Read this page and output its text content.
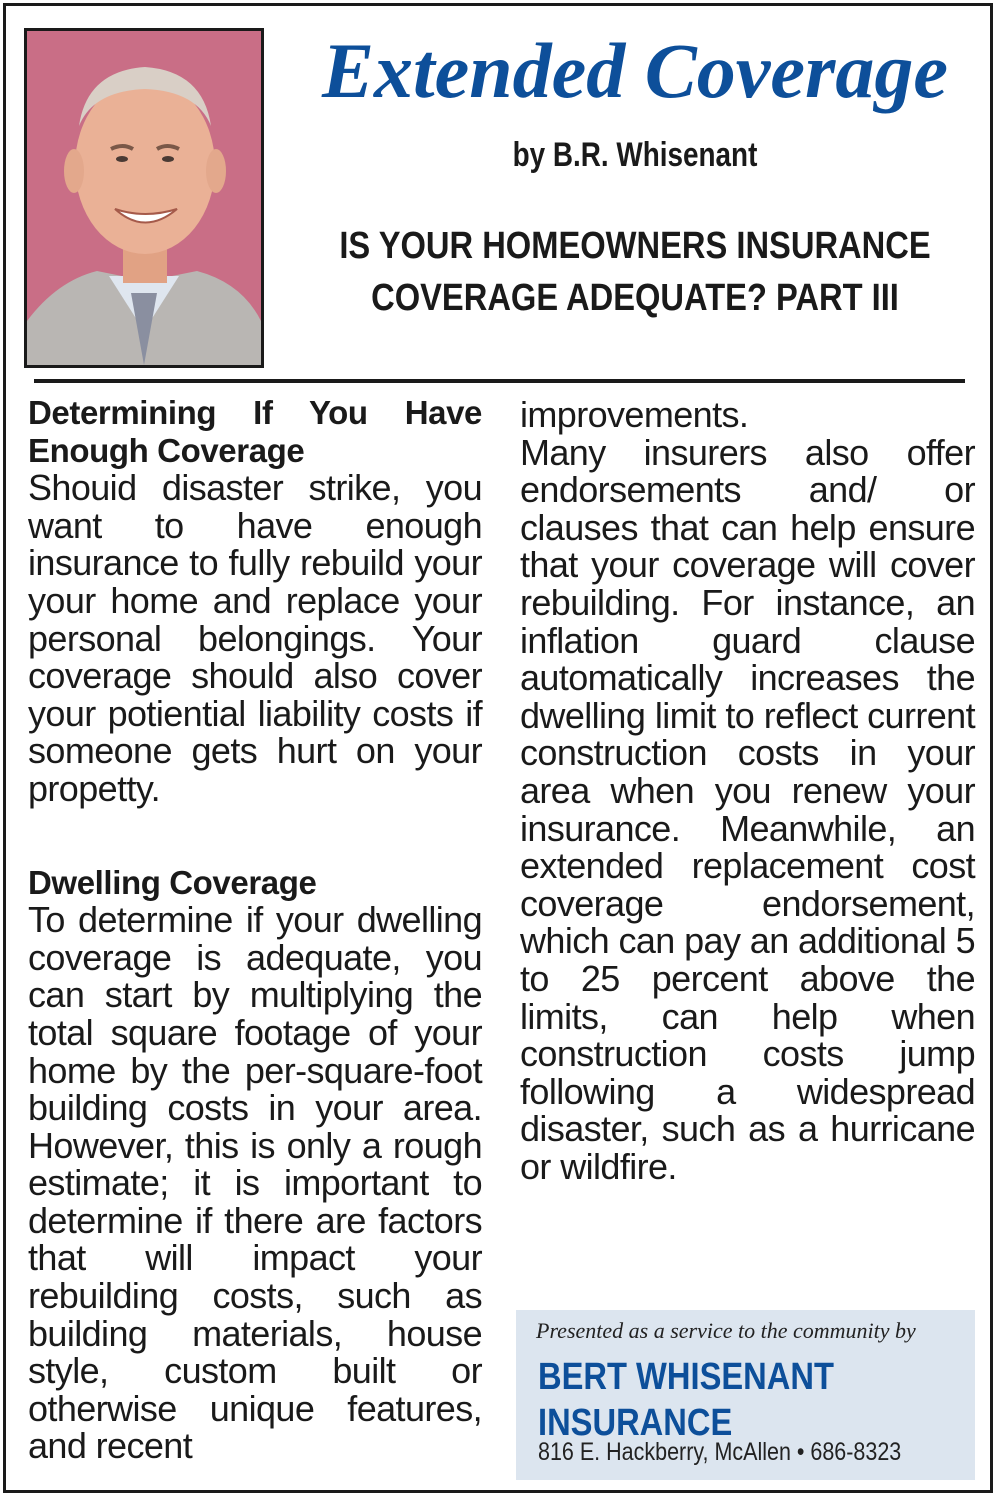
Extended Coverage
by B.R. Whisenant
IS YOUR HOMEOWNERS INSURANCE
COVERAGE ADEQUATE? PART III

Determining If You Have Enough Coverage

Shouid disaster strike, you want to have enough insurance to fully rebuild your your home and replace your personal belongings. Your coverage should also cover your potiential liability costs if someone gets hurt on your propetty.

Dwelling Coverage

To determine if your dwelling coverage is adequate, you can start by multiplying the total square footage of your home by the per-square-foot building costs in your area. However, this is only a rough estimate; it is important to determine if there are factors that will impact your rebuilding costs, such as building materials, house style, custom built or otherwise unique features, and recent

improvements.

Many insurers also offer endorsements and/ or clauses that can help ensure that your coverage will cover rebuilding. For instance, an inflation guard clause automatically increases the dwelling limit to reflect current construction costs in your area when you renew your insurance. Meanwhile, an extended replacement cost coverage endorsement, which can pay an additional 5 to 25 percent above the limits, can help when construction costs jump following a widespread disaster, such as a hurricane or wildfire.

Presented as a service to the community by
BERT WHISENANT
INSURANCE
816 E. Hackberry, McAllen • 686-8323
